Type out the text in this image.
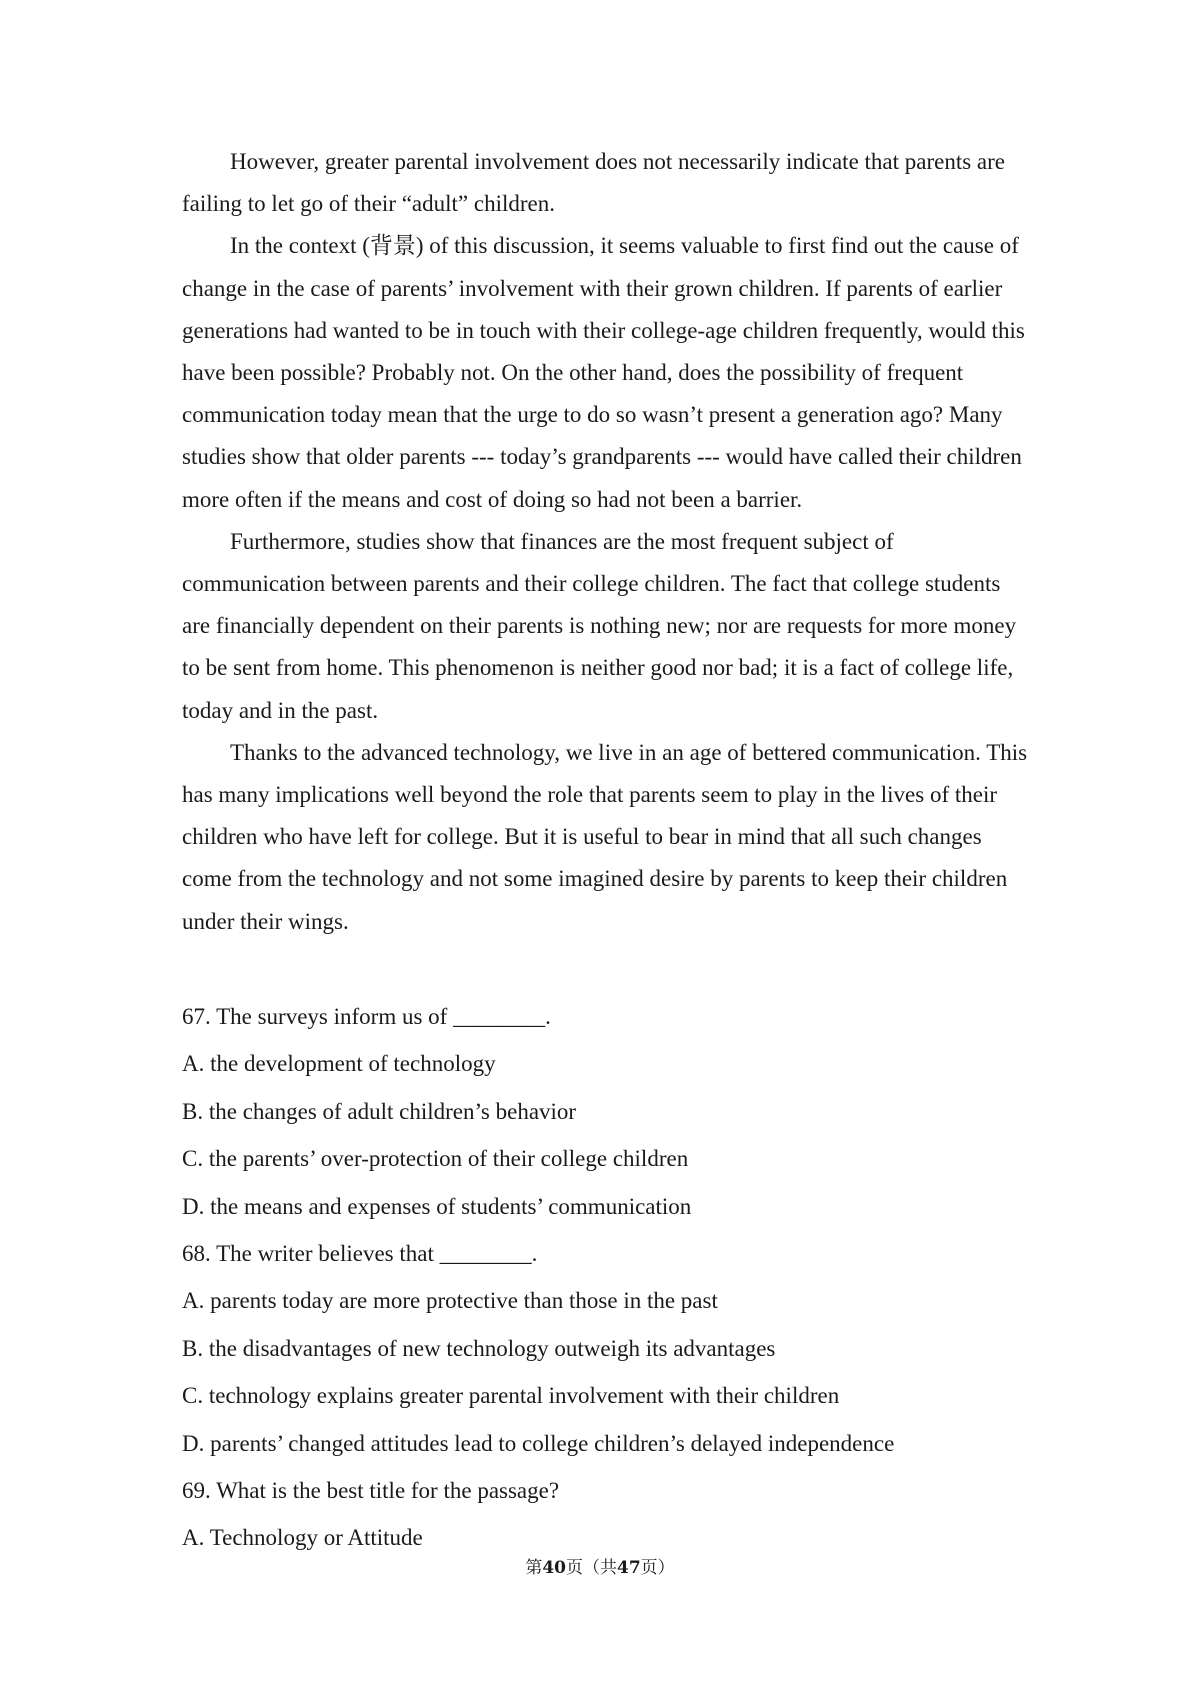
However, greater parental involvement does not necessarily indicate that parents are failing to let go of their “adult” children.

In the context (背景) of this discussion, it seems valuable to first find out the cause of change in the case of parents’ involvement with their grown children. If parents of earlier generations had wanted to be in touch with their college-age children frequently, would this have been possible? Probably not. On the other hand, does the possibility of frequent communication today mean that the urge to do so wasn’t present a generation ago? Many studies show that older parents --- today’s grandparents --- would have called their children more often if the means and cost of doing so had not been a barrier.

Furthermore, studies show that finances are the most frequent subject of communication between parents and their college children. The fact that college students are financially dependent on their parents is nothing new; nor are requests for more money to be sent from home. This phenomenon is neither good nor bad; it is a fact of college life, today and in the past.

Thanks to the advanced technology, we live in an age of bettered communication. This has many implications well beyond the role that parents seem to play in the lives of their children who have left for college. But it is useful to bear in mind that all such changes come from the technology and not some imagined desire by parents to keep their children under their wings.

67. The surveys inform us of ________.

A. the development of technology

B. the changes of adult children’s behavior

C. the parents’ over-protection of their college children

D. the means and expenses of students’ communication

68. The writer believes that ________.

A. parents today are more protective than those in the past

B. the disadvantages of new technology outweigh its advantages

C. technology explains greater parental involvement with their children

D. parents’ changed attitudes lead to college children’s delayed independence

69. What is the best title for the passage?

A. Technology or Attitude

第40页（共47页）
